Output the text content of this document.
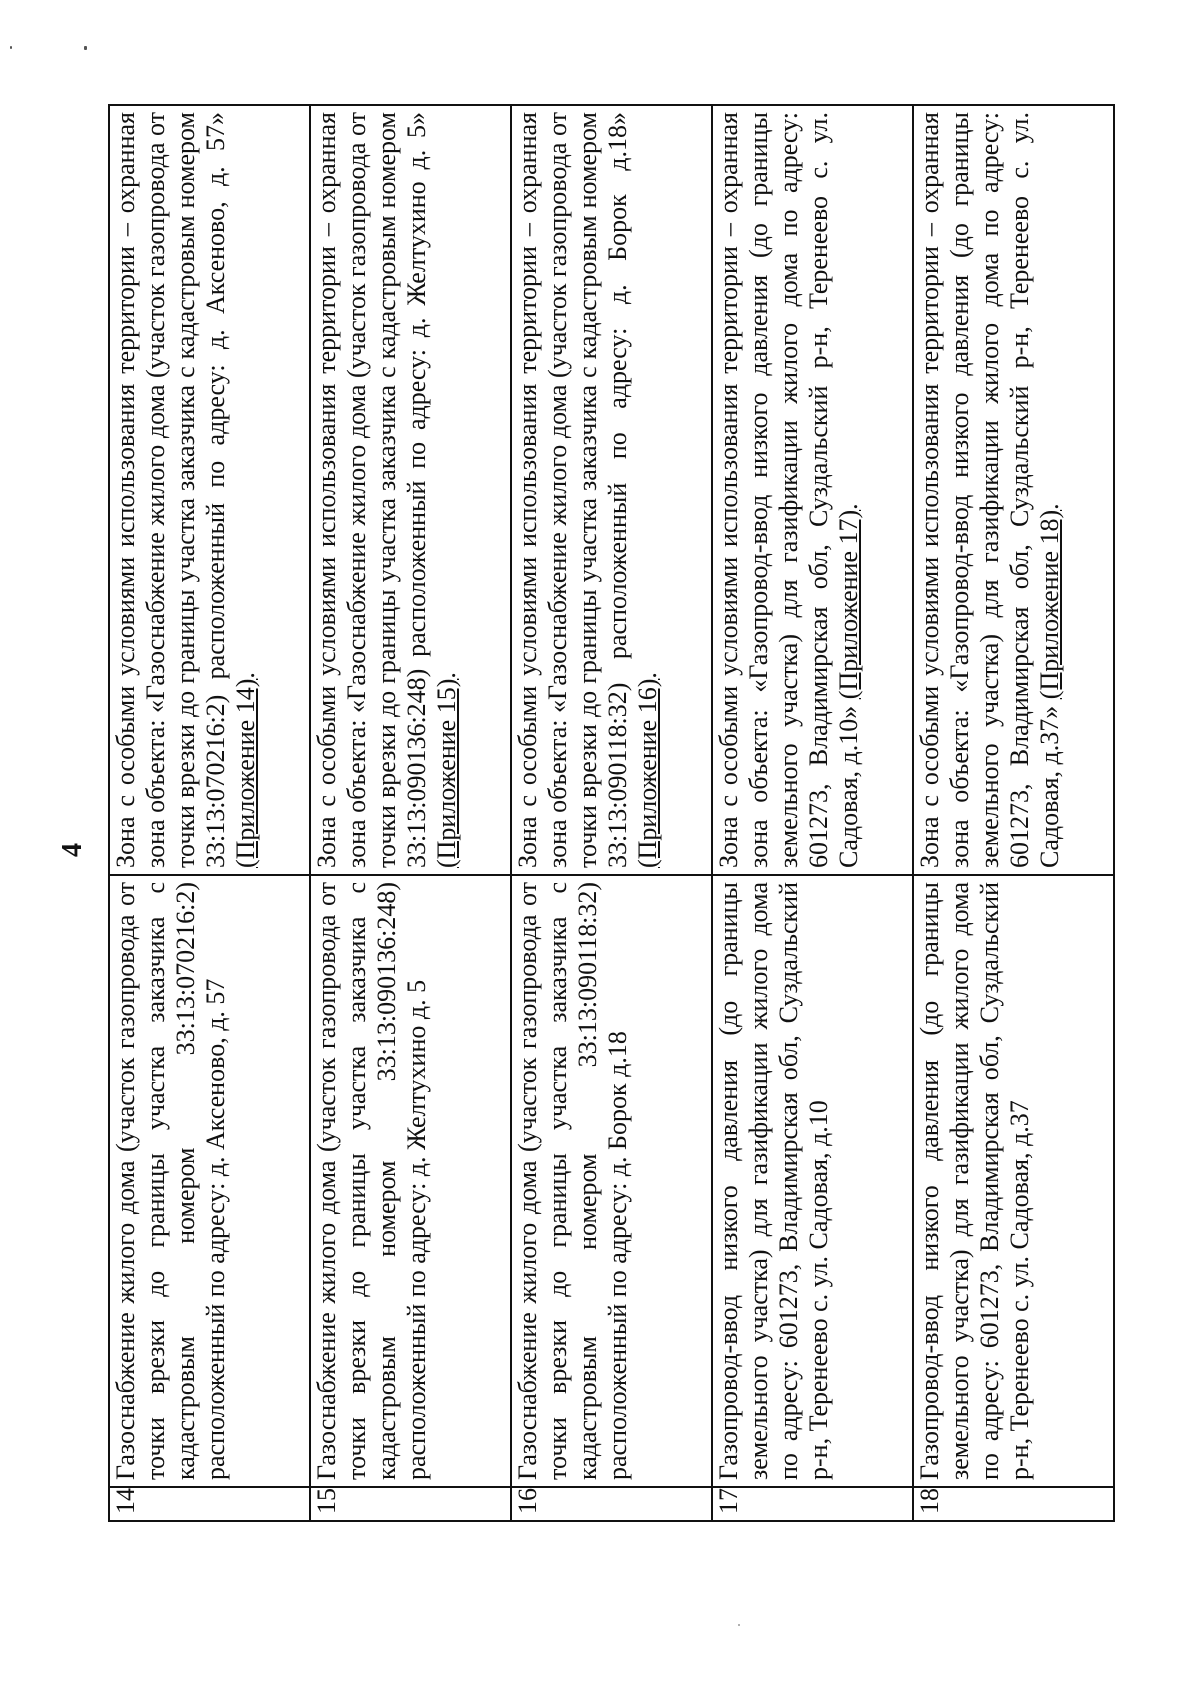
4
14	Газоснабжение жилого дома (участок газопровода от точки врезки до границы участка заказчика с кадастровым номером 33:13:070216:2) расположенный по адресу: д. Аксеново, д. 57	Зона с особыми условиями использования территории – охранная зона объекта: «Газоснабжение жилого дома (участок газопровода от точки врезки до границы участка заказчика с кадастровым номером 33:13:070216:2) расположенный по адресу: д. Аксеново, д. 57» (Приложение 14).
15	Газоснабжение жилого дома (участок газопровода от точки врезки до границы участка заказчика с кадастровым номером 33:13:090136:248) расположенный по адресу: д. Желтухино д. 5	Зона с особыми условиями использования территории – охранная зона объекта: «Газоснабжение жилого дома (участок газопровода от точки врезки до границы участка заказчика с кадастровым номером 33:13:090136:248) расположенный по адресу: д. Желтухино д. 5» (Приложение 15).
16	Газоснабжение жилого дома (участок газопровода от точки врезки до границы участка заказчика с кадастровым номером 33:13:090118:32) расположенный по адресу: д. Борок д.18	Зона с особыми условиями использования территории – охранная зона объекта: «Газоснабжение жилого дома (участок газопровода от точки врезки до границы участка заказчика с кадастровым номером 33:13:090118:32) расположенный по адресу: д. Борок д.18» (Приложение 16).
17	Газопровод-ввод низкого давления (до границы земельного участка) для газификации жилого дома по адресу: 601273, Владимирская обл, Суздальский р-н, Теренеево с. ул. Садовая, д.10	Зона с особыми условиями использования территории – охранная зона объекта: «Газопровод-ввод низкого давления (до границы земельного участка) для газификации жилого дома по адресу: 601273, Владимирская обл, Суздальский р-н, Теренеево с. ул. Садовая, д.10» (Приложение 17).
18	Газопровод-ввод низкого давления (до границы земельного участка) для газификации жилого дома по адресу: 601273, Владимирская обл, Суздальский р-н, Теренеево с. ул. Садовая, д.37	Зона с особыми условиями использования территории – охранная зона объекта: «Газопровод-ввод низкого давления (до границы земельного участка) для газификации жилого дома по адресу: 601273, Владимирская обл, Суздальский р-н, Теренеево с. ул. Садовая, д.37» (Приложение 18).
